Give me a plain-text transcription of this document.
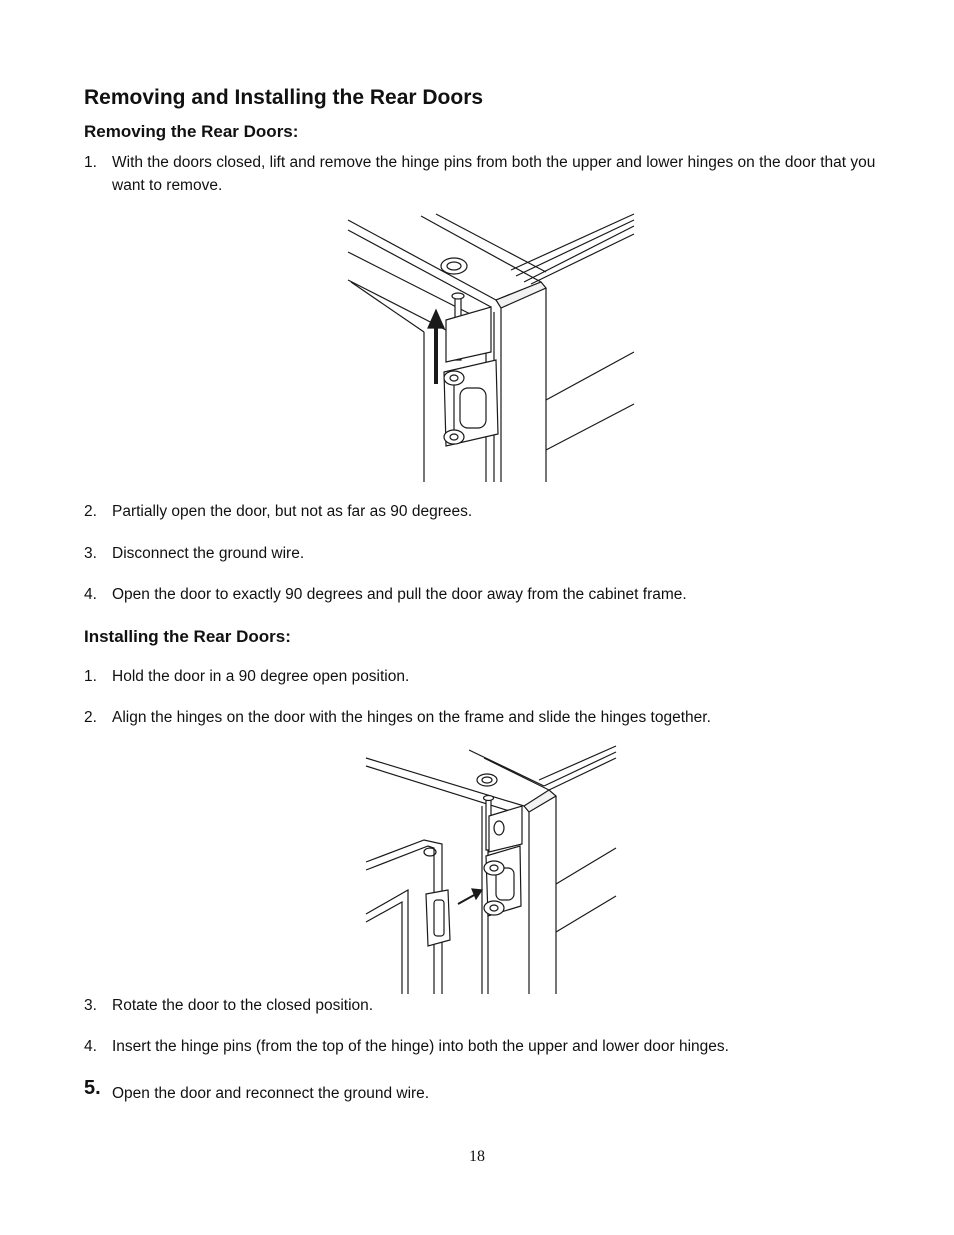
Removing and Installing the Rear Doors
Removing the Rear Doors:
1. With the doors closed, lift and remove the hinge pins from both the upper and lower hinges on the door that you want to remove.
2. Partially open the door, but not as far as 90 degrees.
3. Disconnect the ground wire.
4. Open the door to exactly 90 degrees and pull the door away from the cabinet frame.
Installing the Rear Doors:
1. Hold the door in a 90 degree open position.
2. Align the hinges on the door with the hinges on the frame and slide the hinges together.
3. Rotate the door to the closed position.
4. Insert the hinge pins (from the top of the hinge) into both the upper and lower door hinges.
5. Open the door and reconnect the ground wire.
18
